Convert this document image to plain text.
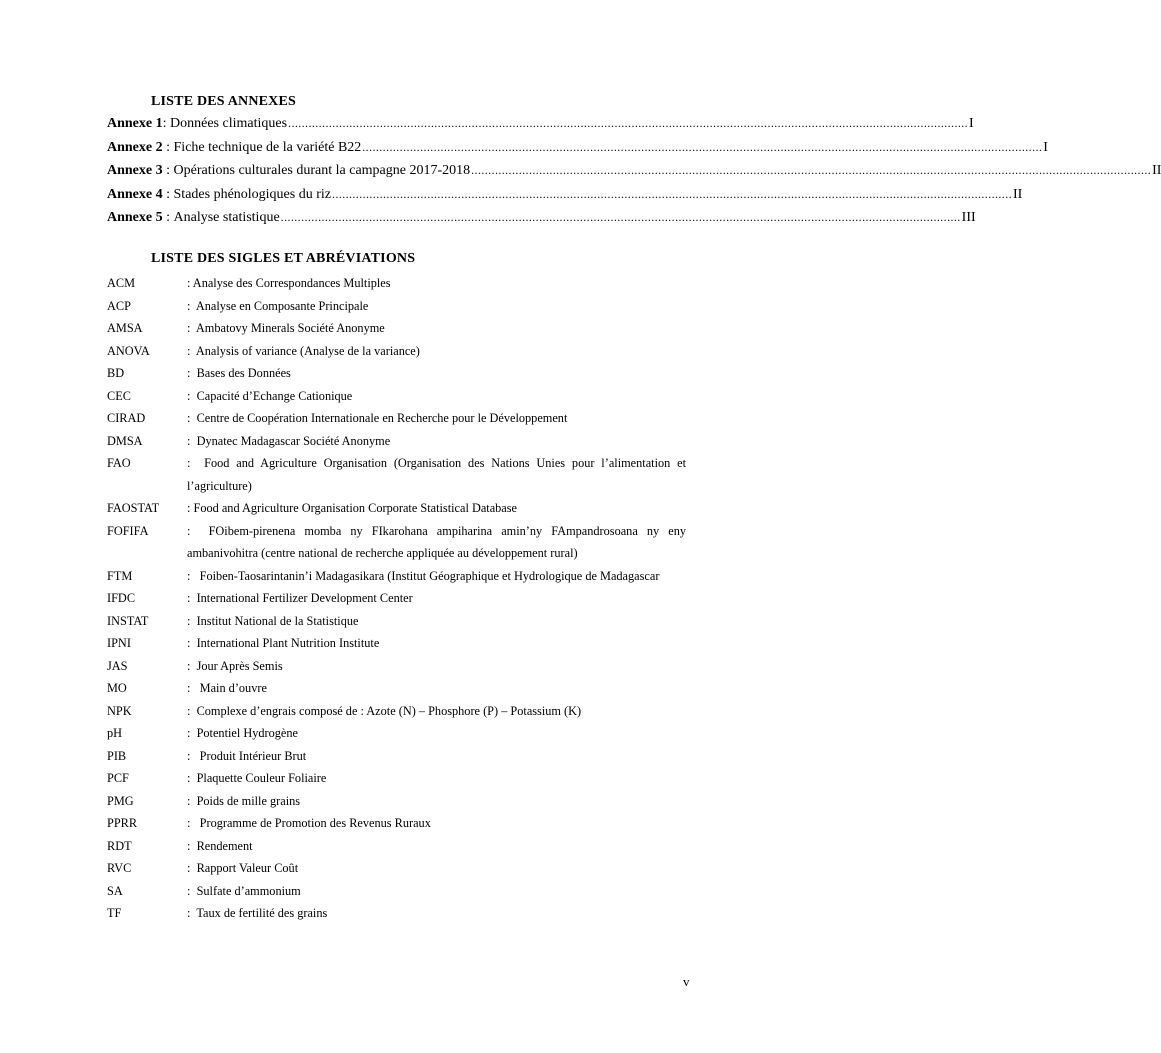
LISTE DES ANNEXES
Annexe 1 : Données climatiques ........................................................................................................................................................................................................ I
Annexe 2 : Fiche technique de la variété B22 ........................................................................................................................................................................................................ I
Annexe 3 : Opérations culturales durant la campagne 2017-2018 ........................................................................................................................................................................................................ II
Annexe 4 : Stades phénologiques du riz ........................................................................................................................................................................................................ II
Annexe 5 : Analyse statistique ........................................................................................................................................................................................................ III
LISTE DES SIGLES ET ABRÉVIATIONS
ACM	: Analyse des Correspondances Multiples
ACP	:  Analyse en Composante Principale
AMSA	:  Ambatovy Minerals Société Anonyme
ANOVA	:  Analysis of variance (Analyse de la variance)
BD	:  Bases des Données
CEC	:  Capacité d’Echange Cationique
CIRAD	:  Centre de Coopération Internationale en Recherche pour le Développement
DMSA	:  Dynatec Madagascar Société Anonyme
FAO	:  Food and Agriculture Organisation (Organisation des Nations Unies pour l’alimentation et l’agriculture)
FAOSTAT	: Food and Agriculture Organisation Corporate Statistical Database
FOFIFA	:  FOibem-pirenena momba ny FIkarohana ampiharina amin’ny FAmpandrosoana ny eny ambanivohitra (centre national de recherche appliquée au développement rural)
FTM	:   Foiben-Taosarintanin’i Madagasikara (Institut Géographique et Hydrologique de Madagascar
IFDC	:  International Fertilizer Development Center
INSTAT	:  Institut National de la Statistique
IPNI	:  International Plant Nutrition Institute
JAS	:  Jour Après Semis
MO	:   Main d’ouvre
NPK	:  Complexe d’engrais composé de : Azote (N) – Phosphore (P) – Potassium (K)
pH	:  Potentiel Hydrogène
PIB	:   Produit Intérieur Brut
PCF	:  Plaquette Couleur Foliaire
PMG	:  Poids de mille grains
PPRR	:   Programme de Promotion des Revenus Ruraux
RDT	:  Rendement
RVC	:  Rapport Valeur Coût
SA	:  Sulfate d’ammonium
TF	:  Taux de fertilité des grains
v
